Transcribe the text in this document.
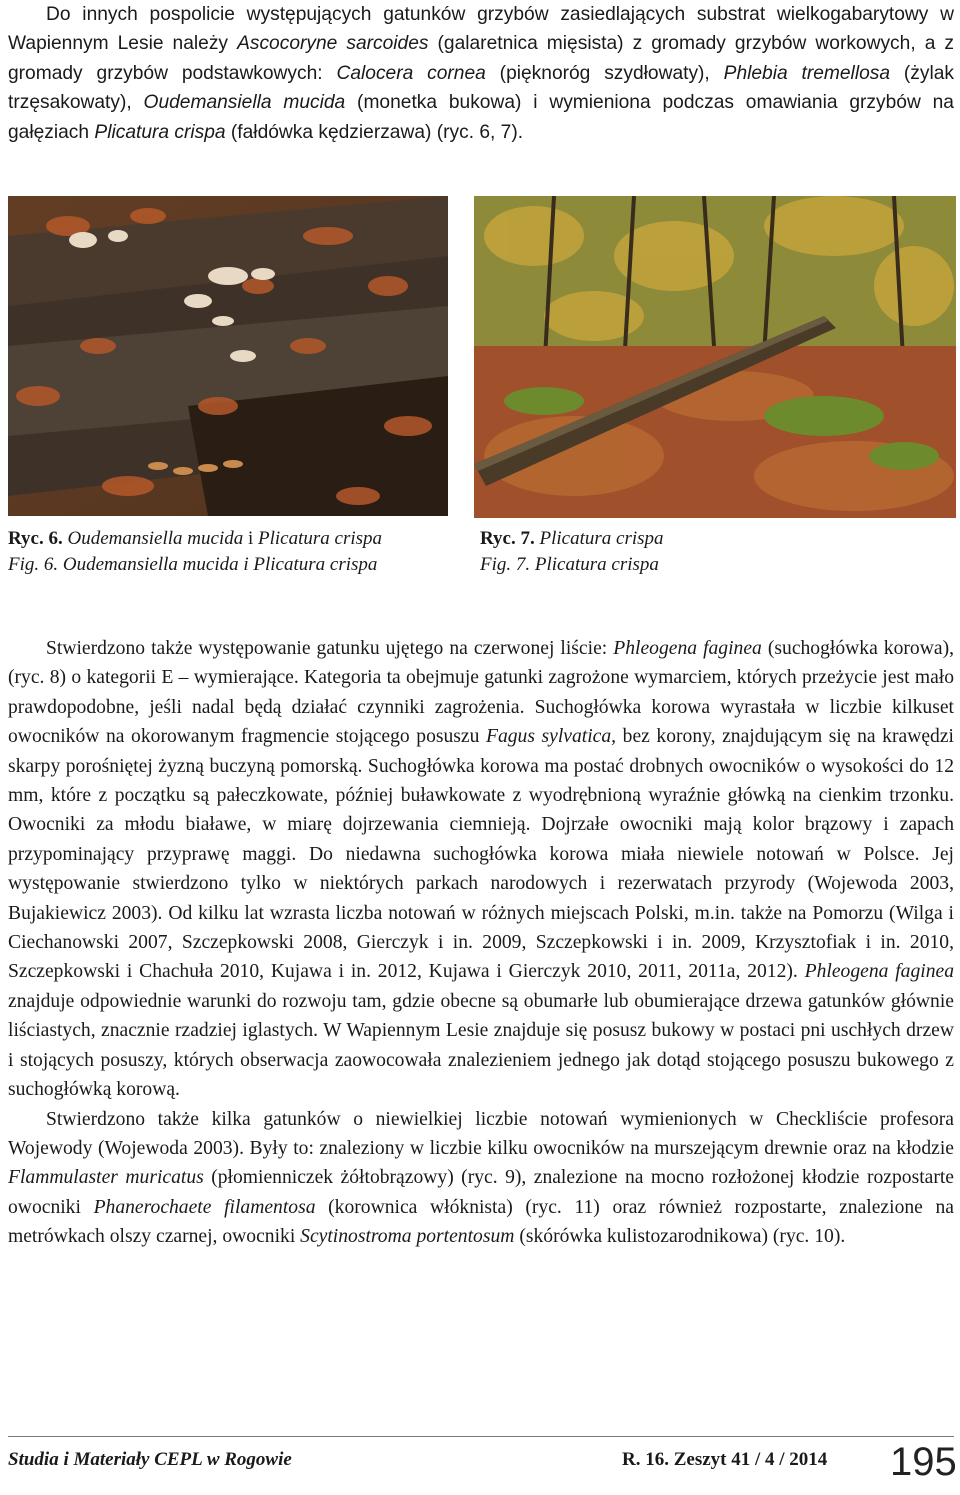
Do innych pospolicie występujących gatunków grzybów zasiedlających substrat wielkogabarytowy w Wapiennym Lesie należy Ascocoryne sarcoides (galaretnica mięsista) z gromady grzybów workowych, a z gromady grzybów podstawkowych: Calocera cornea (pięknoróg szydłowaty), Phlebia tremellosa (żylak trzęsakowaty), Oudemansiella mucida (monetka bukowa) i wymieniona podczas omawiania grzybów na gałęziach Plicatura crispa (fałdówka kędzierzawa) (ryc. 6, 7).

Ryc. 6. Oudemansiella mucida i Plicatura crispa
Fig. 6. Oudemansiella mucida i Plicatura crispa
Ryc. 7. Plicatura crispa
Fig. 7. Plicatura crispa

Stwierdzono także występowanie gatunku ujętego na czerwonej liście: Phleogena faginea (suchogłówka korowa), (ryc. 8) o kategorii E – wymierające. Kategoria ta obejmuje gatunki zagrożone wymarciem, których przeżycie jest mało prawdopodobne, jeśli nadal będą działać czynniki zagrożenia. Suchogłówka korowa wyrastała w liczbie kilkuset owocników na okorowanym fragmencie stojącego posuszu Fagus sylvatica, bez korony, znajdującym się na krawędzi skarpy porośniętej żyzną buczyną pomorską. Suchogłówka korowa ma postać drobnych owocników o wysokości do 12 mm, które z początku są pałeczkowate, później buławkowate z wyodrębnioną wyraźnie główką na cienkim trzonku. Owocniki za młodu białawe, w miarę dojrzewania ciemnieją. Dojrzałe owocniki mają kolor brązowy i zapach przypominający przyprawę maggi. Do niedawna suchogłówka korowa miała niewiele notowań w Polsce. Jej występowanie stwierdzono tylko w niektórych parkach narodowych i rezerwatach przyrody (Wojewoda 2003, Bujakiewicz 2003). Od kilku lat wzrasta liczba notowań w różnych miejscach Polski, m.in. także na Pomorzu (Wilga i Ciechanowski 2007, Szczepkowski 2008, Gierczyk i in. 2009, Szczepkowski i in. 2009, Krzysztofiak i in. 2010, Szczepkowski i Chachuła 2010, Kujawa i in. 2012, Kujawa i Gierczyk 2010, 2011, 2011a, 2012). Phleogena faginea znajduje odpowiednie warunki do rozwoju tam, gdzie obecne są obumarłe lub obumierające drzewa gatunków głównie liściastych, znacznie rzadziej iglastych. W Wapiennym Lesie znajduje się posusz bukowy w postaci pni uschłych drzew i stojących posuszy, których obserwacja zaowocowała znalezieniem jednego jak dotąd stojącego posuszu bukowego z suchogłówką korową.

Stwierdzono także kilka gatunków o niewielkiej liczbie notowań wymienionych w Checkliście profesora Wojewody (Wojewoda 2003). Były to: znalezionу w liczbie kilku owocników na murszejącym drewnie oraz na kłodzie Flammulaster muricatus (płomienniczek żółtobrązowy) (ryc. 9), znalezione na mocno rozłożonej kłodzie rozpostarte owocniki Phanerochaete filamentosa (korownica włóknista) (ryc. 11) oraz również rozpostarte, znalezione na metrówkach olszy czarnej, owocniki Scytinostroma portentosum (skórówka kulistozarodnikowa) (ryc. 10).

Studia i Materiały CEPL w Rogowie	R. 16. Zeszyt 41 / 4 / 2014 195
